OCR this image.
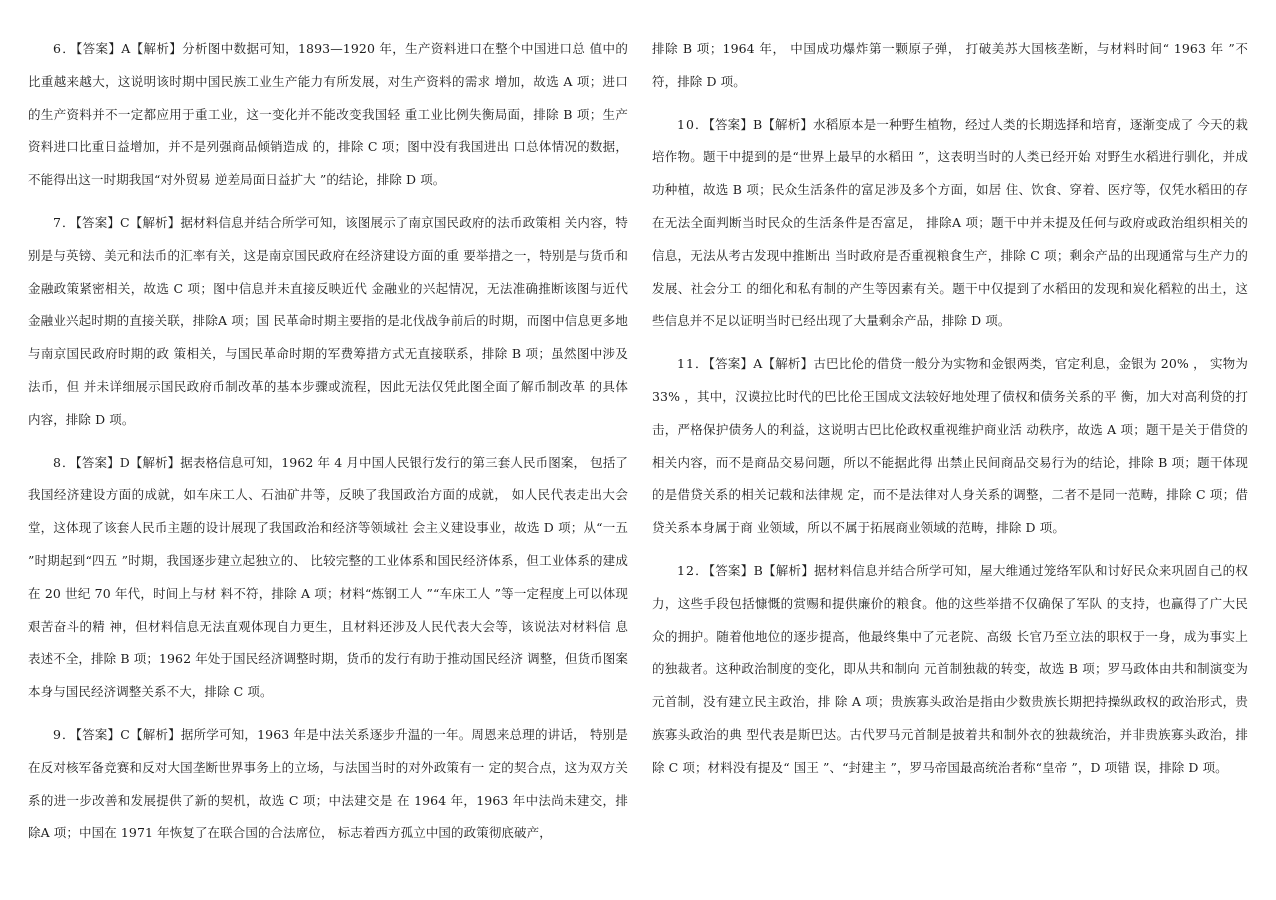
6．【答案】A【解析】分析图中数据可知，1893—1920 年，生产资料进口在整个中国进口总 值中的比重越来越大，这说明该时期中国民族工业生产能力有所发展，对生产资料的需求 增加，故选 A 项；进口的生产资料并不一定都应用于重工业，这一变化并不能改变我国轻 重工业比例失衡局面，排除 B 项；生产资料进口比重日益增加，并不是列强商品倾销造成 的，排除 C 项；图中没有我国进出 口总体情况的数据，不能得出这一时期我国“对外贸易 逆差局面日益扩大 ”的结论，排除 D 项。

7．【答案】C【解析】据材料信息并结合所学可知，该图展示了南京国民政府的法币政策相 关内容，特别是与英镑、美元和法币的汇率有关，这是南京国民政府在经济建设方面的重 要举措之一，特别是与货币和金融政策紧密相关，故选 C 项；图中信息并未直接反映近代 金融业的兴起情况，无法准确推断该图与近代金融业兴起时期的直接关联，排除A 项；国 民革命时期主要指的是北伐战争前后的时期，而图中信息更多地与南京国民政府时期的政 策相关，与国民革命时期的军费筹措方式无直接联系，排除 B 项；虽然图中涉及法币，但 并未详细展示国民政府币制改革的基本步骤或流程，因此无法仅凭此图全面了解币制改革 的具体内容，排除 D 项。

8．【答案】D【解析】据表格信息可知，1962 年 4 月中国人民银行发行的第三套人民币图案， 包括了我国经济建设方面的成就，如车床工人、石油矿井等，反映了我国政治方面的成就， 如人民代表走出大会堂，这体现了该套人民币主题的设计展现了我国政治和经济等领域社 会主义建设事业，故选 D 项；从“一五 ”时期起到“四五 ”时期，我国逐步建立起独立的、 比较完整的工业体系和国民经济体系，但工业体系的建成在 20 世纪 70 年代，时间上与材 料不符，排除 A 项；材料“炼钢工人 ”“车床工人 ”等一定程度上可以体现艰苦奋斗的精 神，但材料信息无法直观体现自力更生，且材料还涉及人民代表大会等，该说法对材料信 息表述不全，排除 B 项；1962 年处于国民经济调整时期，货币的发行有助于推动国民经济 调整，但货币图案本身与国民经济调整关系不大，排除 C 项。

9．【答案】C【解析】据所学可知，1963 年是中法关系逐步升温的一年。周恩来总理的讲话， 特别是在反对核军备竞赛和反对大国垄断世界事务上的立场，与法国当时的对外政策有一 定的契合点，这为双方关系的进一步改善和发展提供了新的契机，故选 C 项；中法建交是 在 1964 年，1963 年中法尚未建交，排除A 项；中国在 1971 年恢复了在联合国的合法席位， 标志着西方孤立中国的政策彻底破产，

排除 B 项；1964 年， 中国成功爆炸第一颗原子弹， 打破美苏大国核垄断，与材料时间“ 1963 年 ”不符，排除 D 项。

10．【答案】B【解析】水稻原本是一种野生植物，经过人类的长期选择和培育，逐渐变成了 今天的栽培作物。题干中提到的是“世界上最早的水稻田 ”，这表明当时的人类已经开始 对野生水稻进行驯化，并成功种植，故选 B 项；民众生活条件的富足涉及多个方面，如居 住、饮食、穿着、医疗等，仅凭水稻田的存在无法全面判断当时民众的生活条件是否富足， 排除A 项；题干中并未提及任何与政府或政治组织相关的信息，无法从考古发现中推断出 当时政府是否重视粮食生产，排除 C 项；剩余产品的出现通常与生产力的发展、社会分工 的细化和私有制的产生等因素有关。题干中仅提到了水稻田的发现和炭化稻粒的出土，这 些信息并不足以证明当时已经出现了大量剩余产品，排除 D 项。

11．【答案】A【解析】古巴比伦的借贷一般分为实物和金银两类，官定利息，金银为 20% ， 实物为 33% ，其中，汉谟拉比时代的巴比伦王国成文法较好地处理了债权和债务关系的平 衡，加大对高利贷的打击，严格保护债务人的利益，这说明古巴比伦政权重视维护商业活 动秩序，故选 A 项；题干是关于借贷的相关内容，而不是商品交易问题，所以不能据此得 出禁止民间商品交易行为的结论，排除 B 项；题干体现的是借贷关系的相关记载和法律规 定，而不是法律对人身关系的调整，二者不是同一范畴，排除 C 项；借贷关系本身属于商 业领域，所以不属于拓展商业领域的范畴，排除 D 项。

12．【答案】B【解析】据材料信息并结合所学可知，屋大维通过笼络军队和讨好民众来巩固自己的权力，这些手段包括慷慨的赏赐和提供廉价的粮食。他的这些举措不仅确保了军队 的支持，也赢得了广大民众的拥护。随着他地位的逐步提高，他最终集中了元老院、高级 长官乃至立法的职权于一身，成为事实上的独裁者。这种政治制度的变化，即从共和制向 元首制独裁的转变，故选 B 项；罗马政体由共和制演变为元首制，没有建立民主政治，排 除 A 项；贵族寡头政治是指由少数贵族长期把持操纵政权的政治形式，贵族寡头政治的典 型代表是斯巴达。古代罗马元首制是披着共和制外衣的独裁统治，并非贵族寡头政治，排 除 C 项；材料没有提及“ 国王 ”、“封建主 ”，罗马帝国最高统治者称“皇帝 ”，D 项错 误，排除 D 项。
